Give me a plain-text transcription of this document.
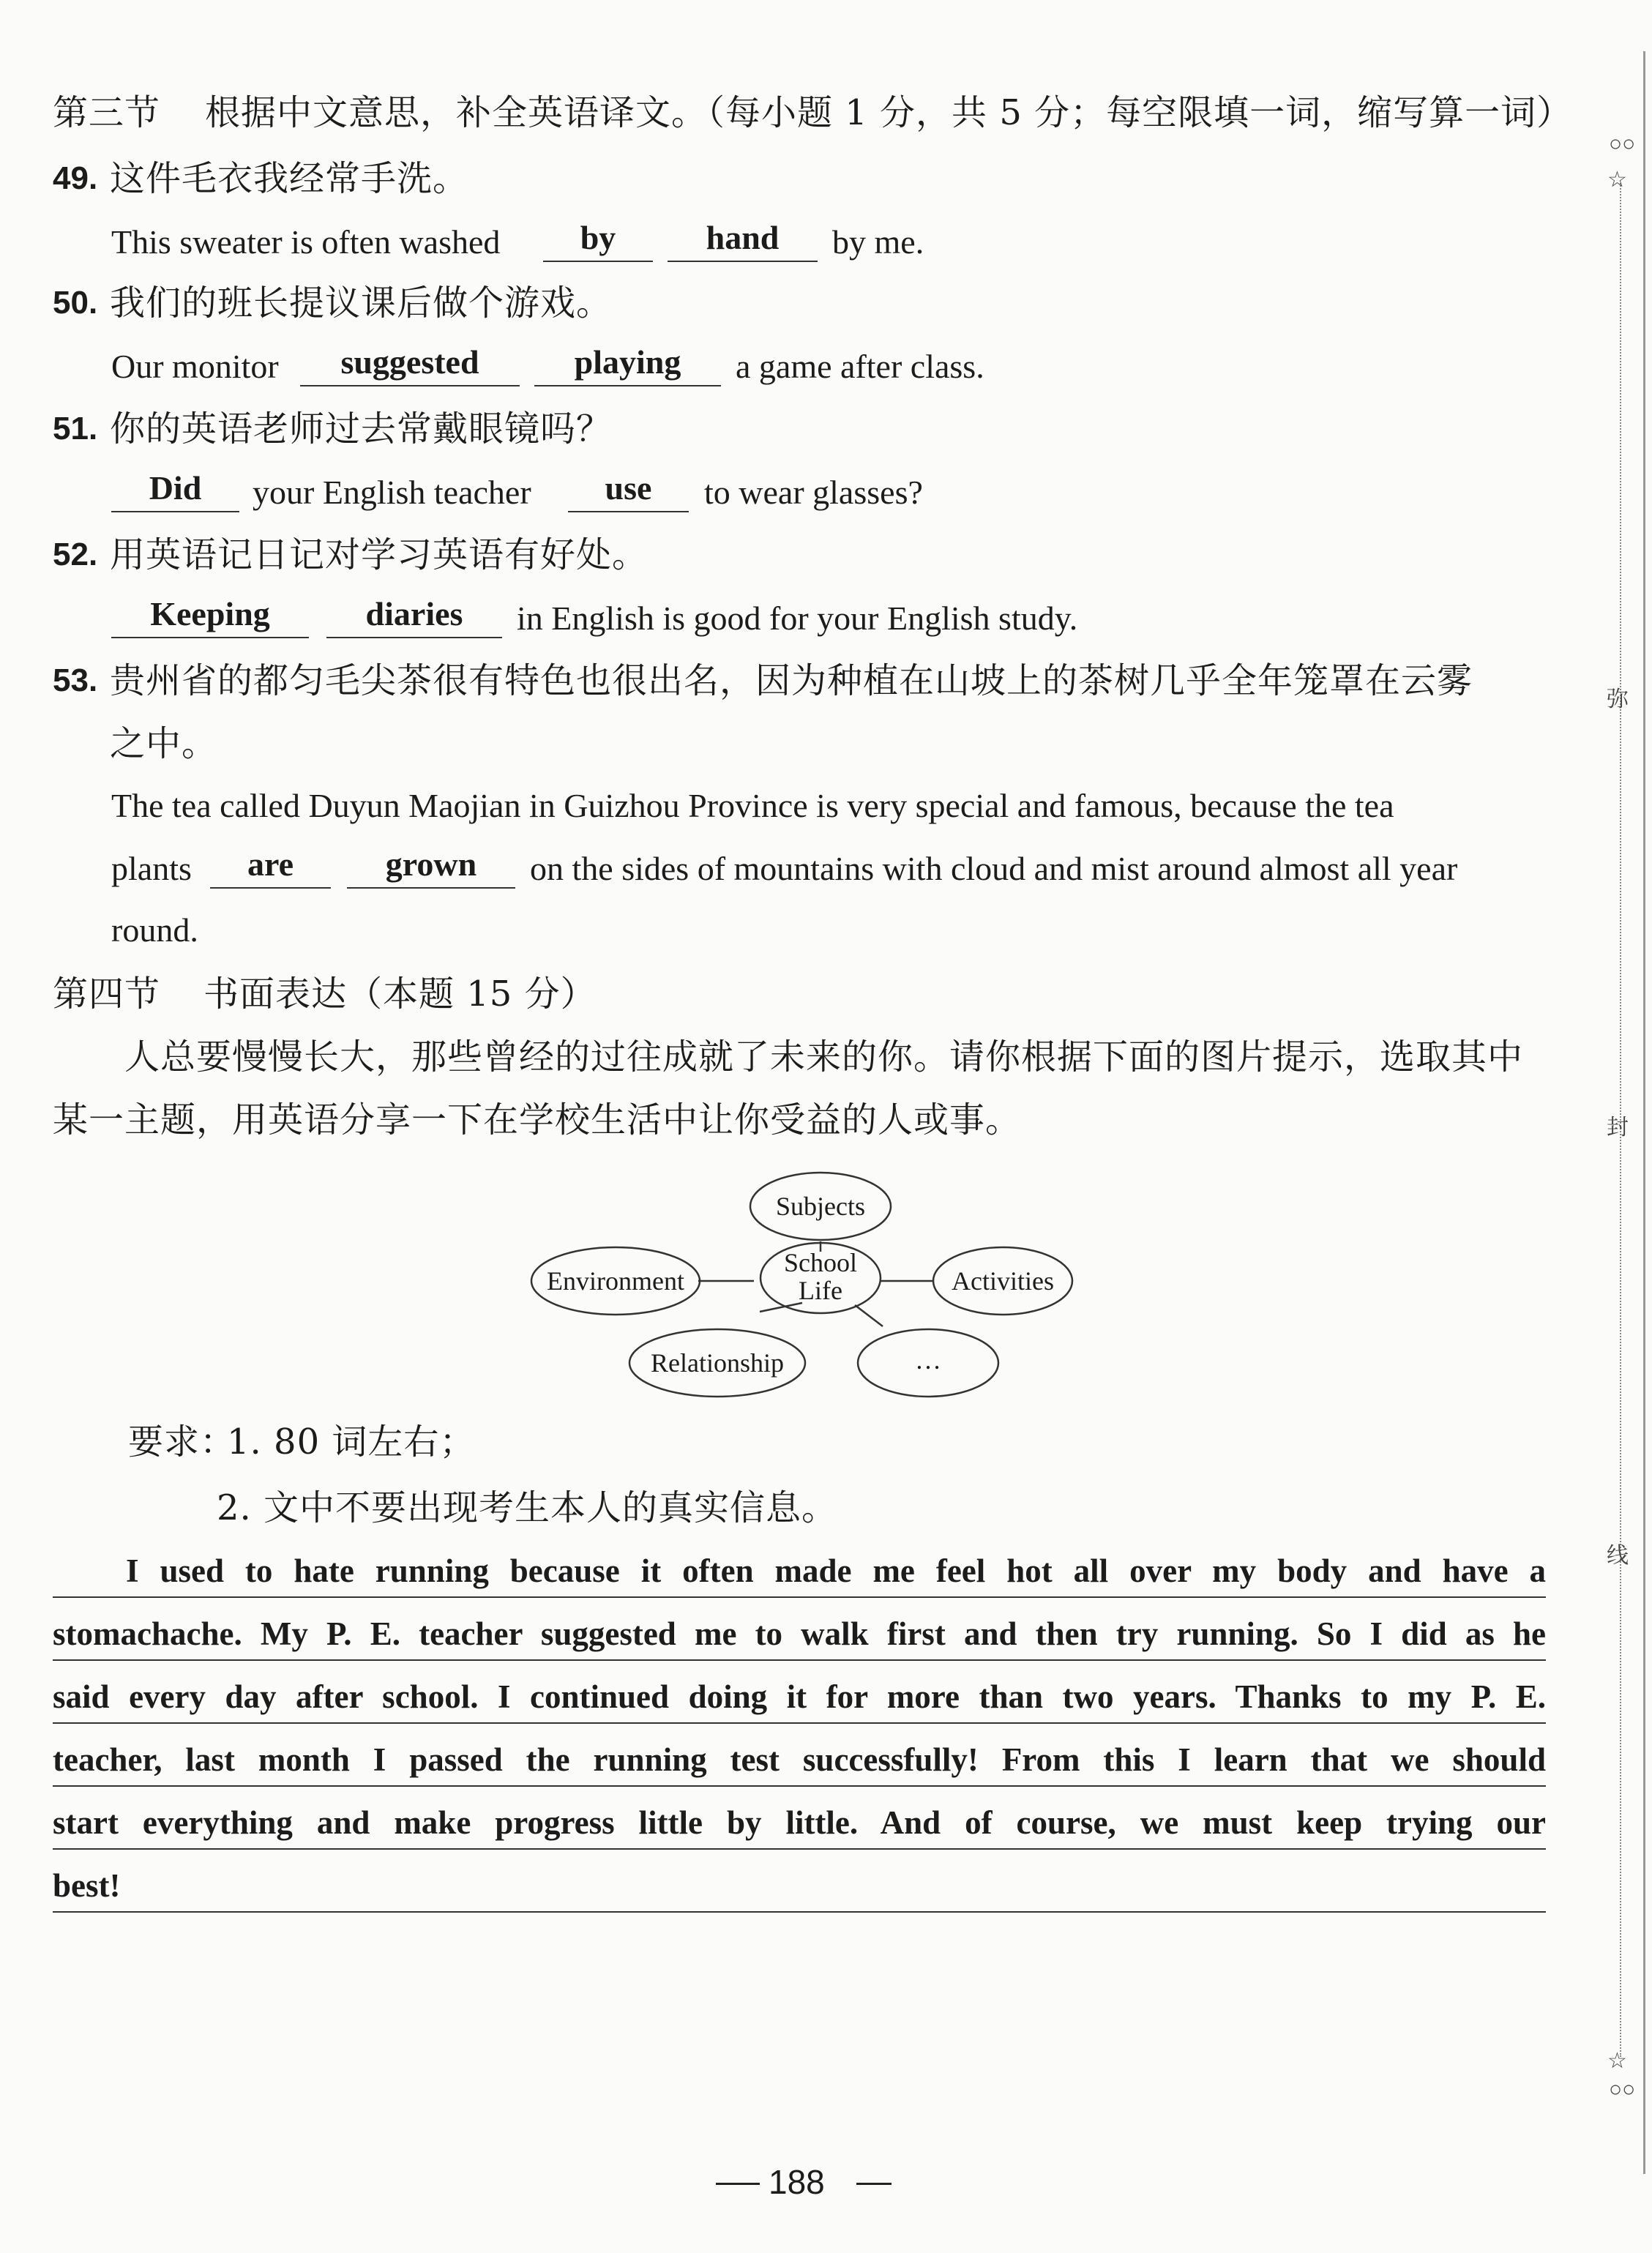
第三节 根据中文意思，补全英语译文。（每小题 1 分，共 5 分；每空限填一词，缩写算一词）
49. 这件毛衣我经常手洗。
This sweater is often washed	by	hand	by me.
50. 我们的班长提议课后做个游戏。
Our monitor	suggested	playing	a game after class.
51. 你的英语老师过去常戴眼镜吗？
Did	your English teacher	use	to wear glasses?
52. 用英语记日记对学习英语有好处。
Keeping	diaries	in English is good for your English study.
53. 贵州省的都匀毛尖茶很有特色也很出名，因为种植在山坡上的茶树几乎全年笼罩在云雾
之中。
The tea called Duyun Maojian in Guizhou Province is very special and famous, because the tea
plants	are	grown	on the sides of mountains with cloud and mist around almost all year
round.
第四节 书面表达（本题 15 分）
人总要慢慢长大，那些曾经的过往成就了未来的你。请你根据下面的图片提示，选取其中
某一主题，用英语分享一下在学校生活中让你受益的人或事。
School
Life
Subjects
Environment	Activities
Relationship	…
要求：
1. 80 词左右；
2. 文中不要出现考生本人的真实信息。
I used to hate running because it often made me feel hot all over my body and have a
stomachache. My P. E. teacher suggested me to walk first and then try running. So I did as he
said every day after school. I continued doing it for more than two years. Thanks to my P. E.
teacher, last month I passed the running test successfully! From this I learn that we should
start everything and make progress little by little. And of course, we must keep trying our
best!
188
○○
☆
☆
○○
弥
封
线
